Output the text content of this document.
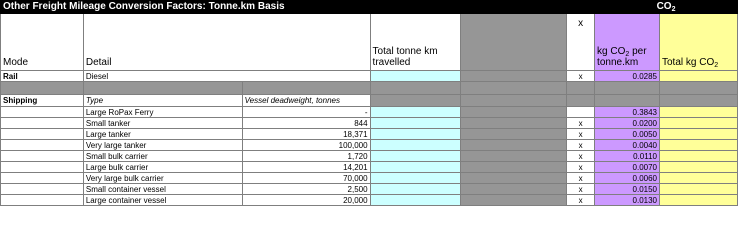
Other Freight Mileage Conversion Factors: Tonne.km Basis						$CO_2$
Mode	Detail		Total tonne km travelled		x	kg $CO_2$ per tonne.km	Total kg $CO_2$
Rail	Diesel				x	0.0285	

Shipping	Type	Vessel deadweight, tonnes					
	Large RoPax Ferry	-				0.3843	
	Small tanker	844			x	0.0200	
	Large tanker	18,371			x	0.0050	
	Very large tanker	100,000			x	0.0040	
	Small bulk carrier	1,720			x	0.0110	
	Large bulk carrier	14,201			x	0.0070	
	Very large bulk carrier	70,000			x	0.0060	
	Small container vessel	2,500			x	0.0150	
	Large container vessel	20,000			x	0.0130	
